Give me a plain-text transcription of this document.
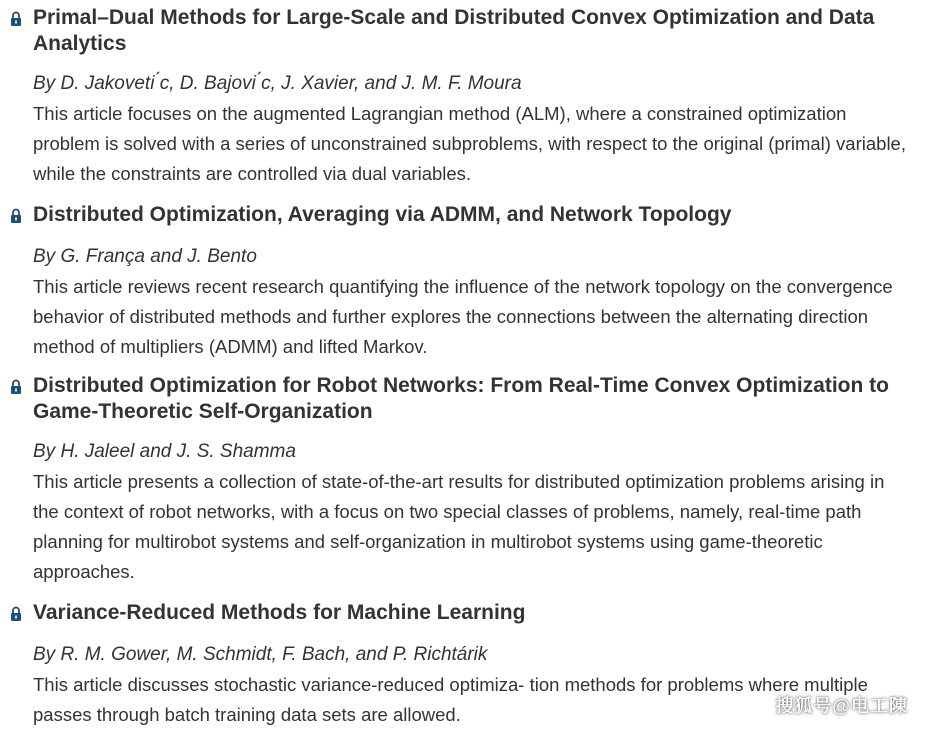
Primal–Dual Methods for Large-Scale and Distributed Convex Optimization and Data Analytics

By D. Jakoveti ́c, D. Bajovi ́c, J. Xavier, and J. M. F. Moura

This article focuses on the augmented Lagrangian method (ALM), where a constrained optimization problem is solved with a series of unconstrained subproblems, with respect to the original (primal) variable, while the constraints are controlled via dual variables.

Distributed Optimization, Averaging via ADMM, and Network Topology

By G. França and J. Bento

This article reviews recent research quantifying the influence of the network topology on the convergence behavior of distributed methods and further explores the connections between the alternating direction method of multipliers (ADMM) and lifted Markov.

Distributed Optimization for Robot Networks: From Real-Time Convex Optimization to Game-Theoretic Self-Organization

By H. Jaleel and J. S. Shamma

This article presents a collection of state-of-the-art results for distributed optimization problems arising in the context of robot networks, with a focus on two special classes of problems, namely, real-time path planning for multirobot systems and self-organization in multirobot systems using game-theoretic approaches.

Variance-Reduced Methods for Machine Learning

By R. M. Gower, M. Schmidt, F. Bach, and P. Richtárik

This article discusses stochastic variance-reduced optimiza- tion methods for problems where multiple passes through batch training data sets are allowed.	搜狐号@电工陳
